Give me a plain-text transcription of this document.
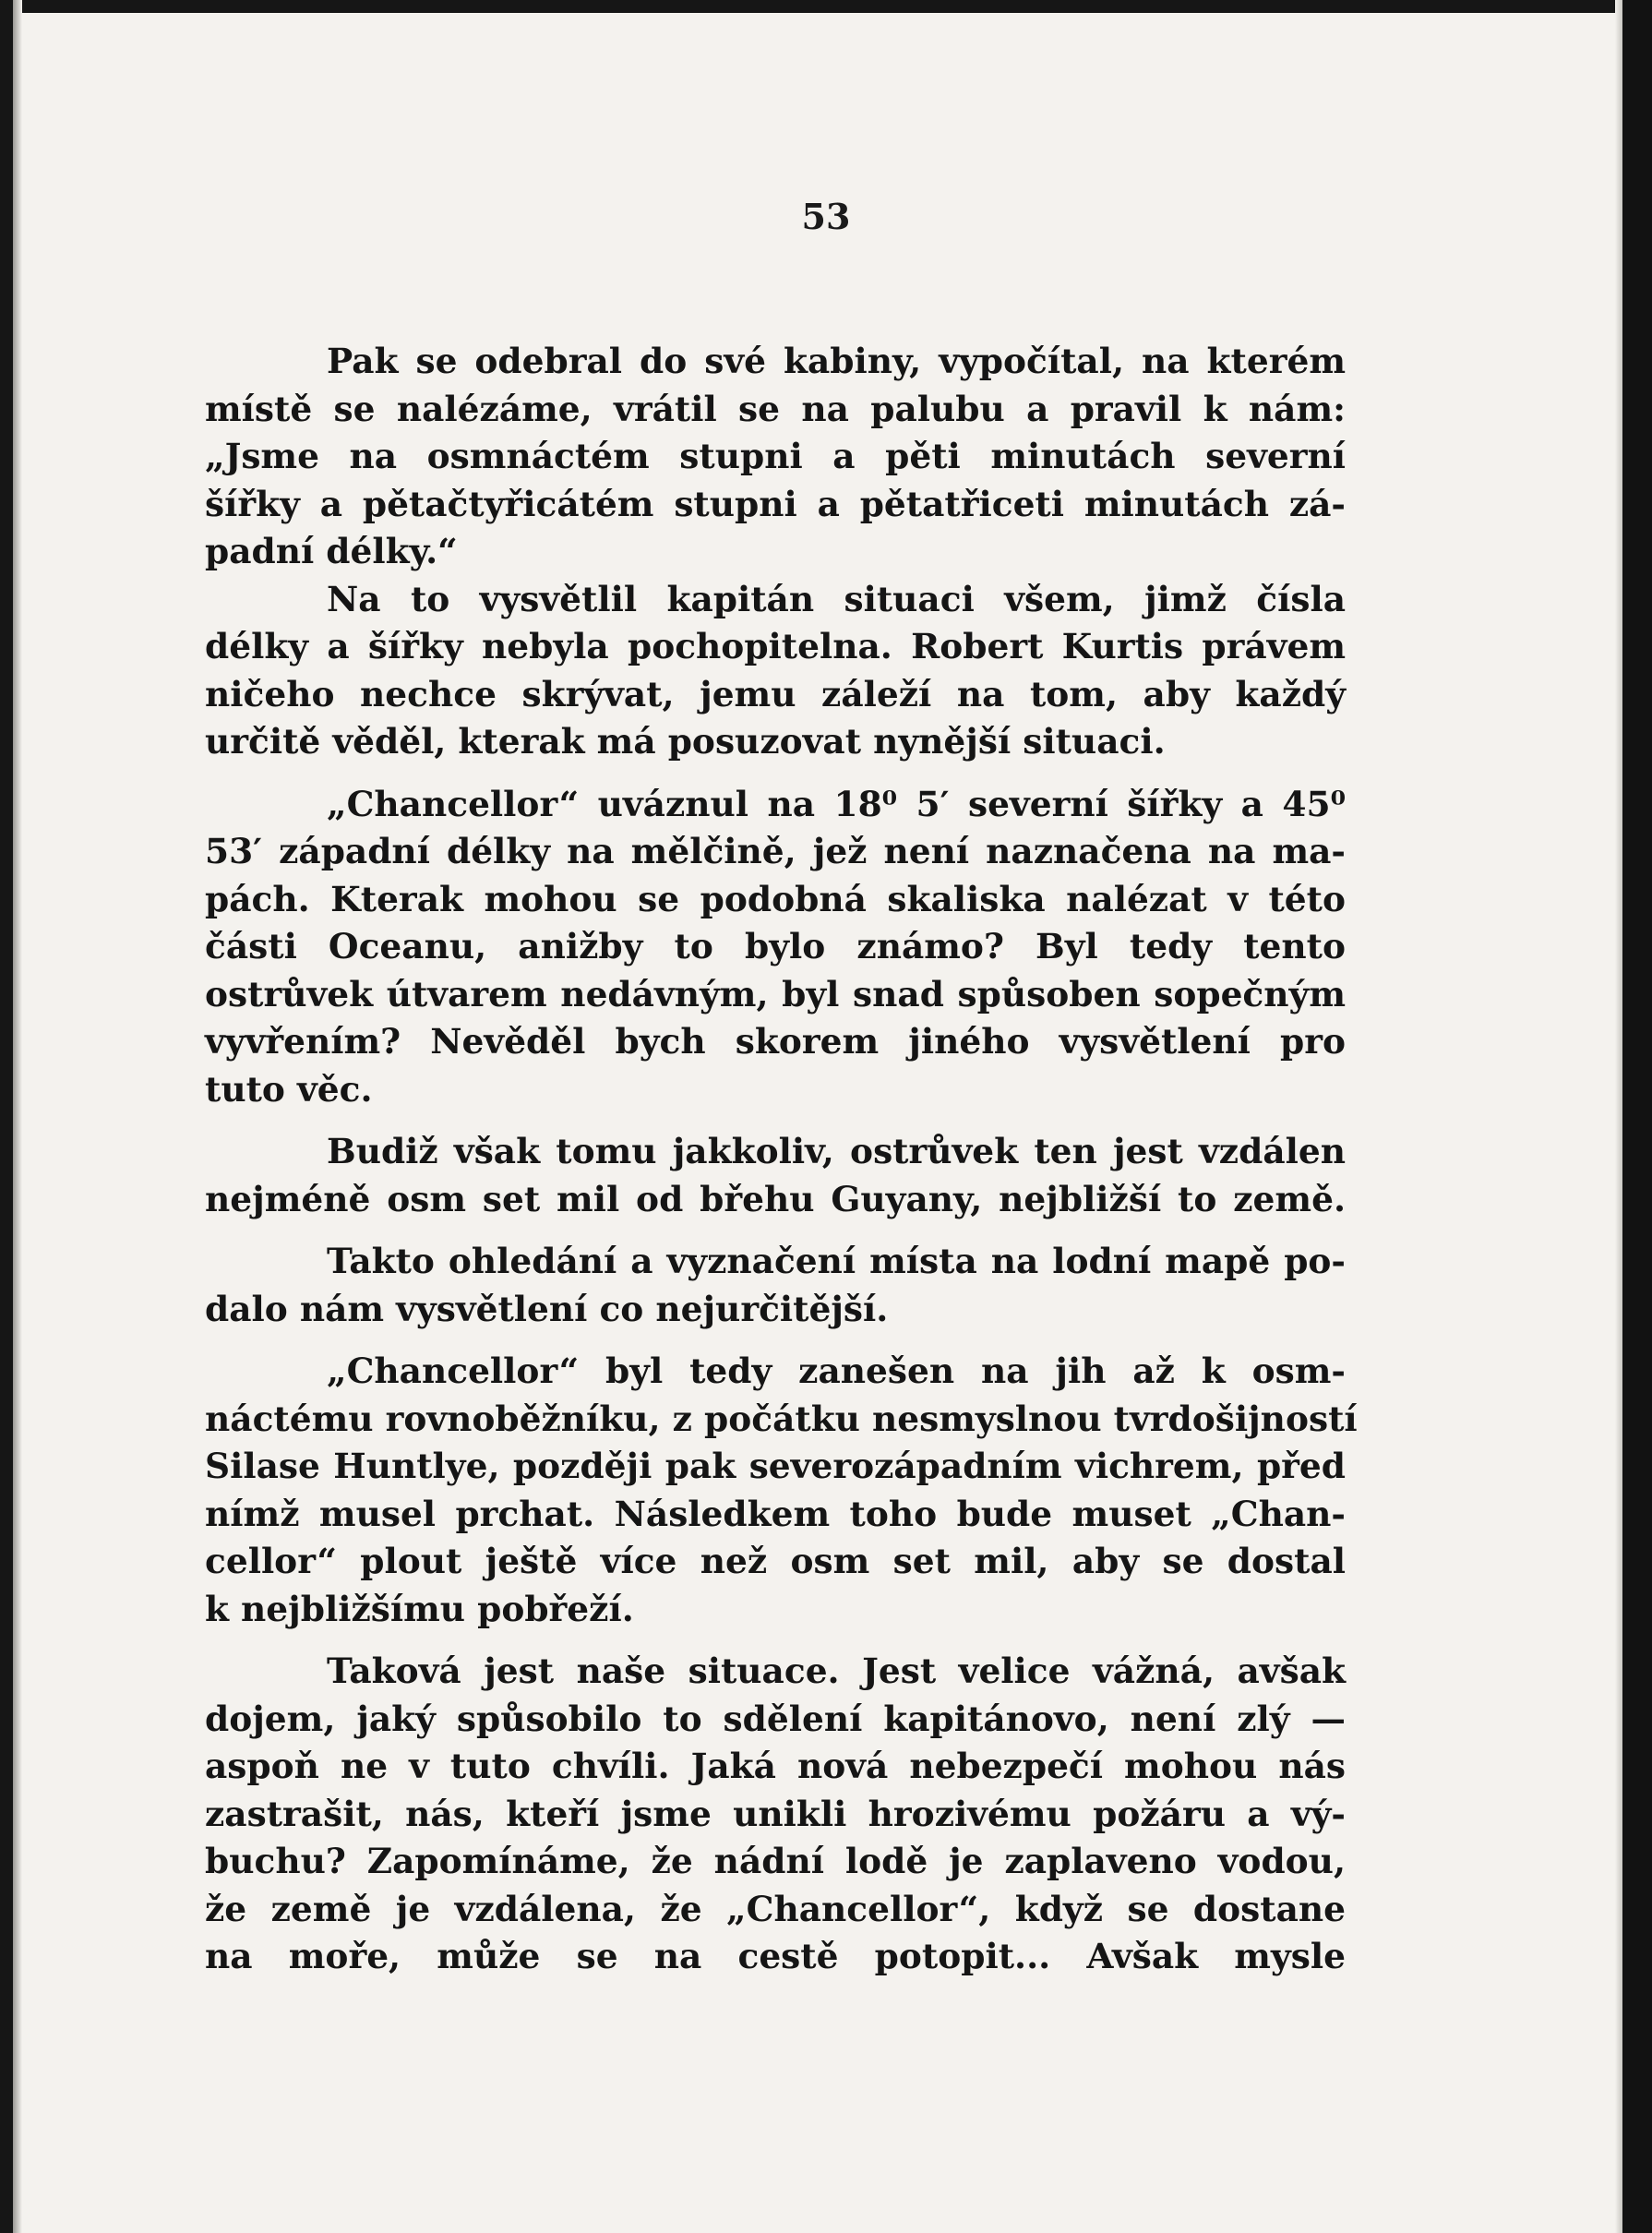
53
Pak se odebral do své kabiny, vypočítal, na kterém
místě se nalézáme, vrátil se na palubu a pravil k nám:
„Jsme na osmnáctém stupni a pěti minutách severní
šířky a pětačtyřicátém stupni a pětatřiceti minutách zá-
padní délky.“
Na to vysvětlil kapitán situaci všem, jimž čísla
délky a šířky nebyla pochopitelna. Robert Kurtis právem
ničeho nechce skrývat, jemu záleží na tom, aby každý
určitě věděl, kterak má posuzovat nynější situaci.
„Chancellor“ uváznul na 18⁰ 5′ severní šířky a 45⁰
53′ západní délky na mělčině, jež není naznačena na ma-
pách. Kterak mohou se podobná skaliska nalézat v této
části Oceanu, anižby to bylo známo? Byl tedy tento
ostrůvek útvarem nedávným, byl snad spůsoben sopečným
vyvřením? Nevěděl bych skorem jiného vysvětlení pro
tuto věc.
Budiž však tomu jakkoliv, ostrůvek ten jest vzdálen
nejméně osm set mil od břehu Guyany, nejbližší to země.
Takto ohledání a vyznačení místa na lodní mapě po-
dalo nám vysvětlení co nejurčitější.
„Chancellor“ byl tedy zanešen na jih až k osm-
náctému rovnoběžníku, z počátku nesmyslnou tvrdošijností
Silase Huntlye, později pak severozápadním vichrem, před
nímž musel prchat. Následkem toho bude muset „Chan-
cellor“ plout ještě více než osm set mil, aby se dostal
k nejbližšímu pobřeží.
Taková jest naše situace. Jest velice vážná, avšak
dojem, jaký spůsobilo to sdělení kapitánovo, není zlý —
aspoň ne v tuto chvíli. Jaká nová nebezpečí mohou nás
zastrašit, nás, kteří jsme unikli hrozivému požáru a vý-
buchu? Zapomínáme, že nádní lodě je zaplaveno vodou,
že země je vzdálena, že „Chancellor“, když se dostane
na moře, může se na cestě potopit... Avšak mysle
